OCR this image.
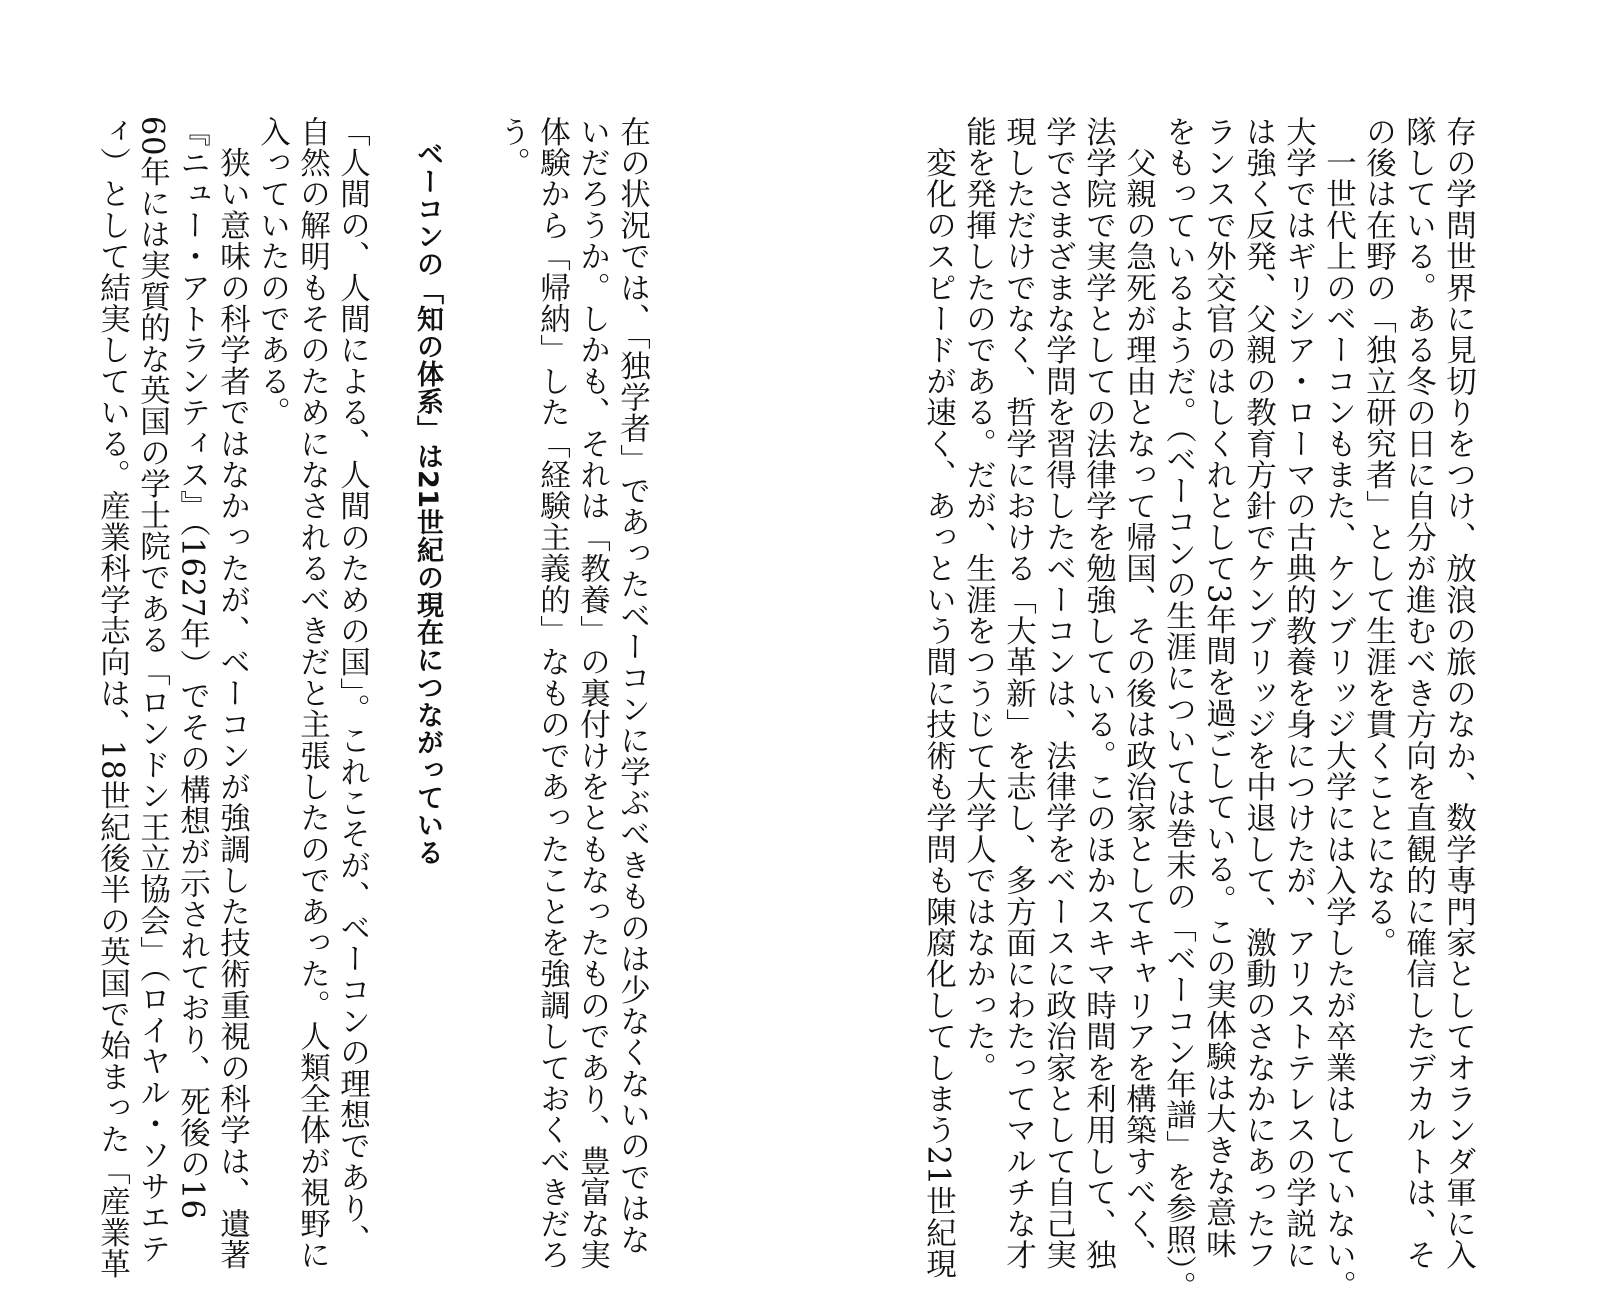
存の学問世界に見切りをつけ、放浪の旅のなか、数学専門家としてオランダ軍に入

隊している。ある冬の日に自分が進むべき方向を直観的に確信したデカルトは、そ

の後は在野の「独立研究者」として生涯を貫くことになる。

　一世代上のベーコンもまた、ケンブリッジ大学には入学したが卒業はしていない。

大学ではギリシア・ローマの古典的教養を身につけたが、アリストテレスの学説に

は強く反発、父親の教育方針でケンブリッジを中退して、激動のさなかにあったフ

ランスで外交官のはしくれとして3年間を過ごしている。この実体験は大きな意味

をもっているようだ。（ベーコンの生涯については巻末の「ベーコン年譜」を参照）。

　父親の急死が理由となって帰国、その後は政治家としてキャリアを構築すべく、

法学院で実学としての法律学を勉強している。このほかスキマ時間を利用して、独

学でさまざまな学問を習得したベーコンは、法律学をベースに政治家として自己実

現しただけでなく、哲学における「大革新」を志し、多方面にわたってマルチな才

能を発揮したのである。だが、生涯をつうじて大学人ではなかった。

　変化のスピードが速く、あっという間に技術も学問も陳腐化してしまう21世紀現

在の状況では、「独学者」であったベーコンに学ぶべきものは少なくないのではな

いだろうか。しかも、それは「教養」の裏付けをともなったものであり、豊富な実

体験から「帰納」した「経験主義的」なものであったことを強調しておくべきだろ

う。

ベーコンの「知の体系」は21世紀の現在につながっている

「人間の、人間による、人間のための国」。これこそが、ベーコンの理想であり、

自然の解明もそのためになされるべきだと主張したのであった。人類全体が視野に

入っていたのである。

　狭い意味の科学者ではなかったが、ベーコンが強調した技術重視の科学は、遺著

『ニュー・アトランティス』（1627年）でその構想が示されており、死後の16

60年には実質的な英国の学士院である「ロンドン王立協会」（ロイヤル・ソサエテ

ィ）として結実している。産業科学志向は、18世紀後半の英国で始まった「産業革
